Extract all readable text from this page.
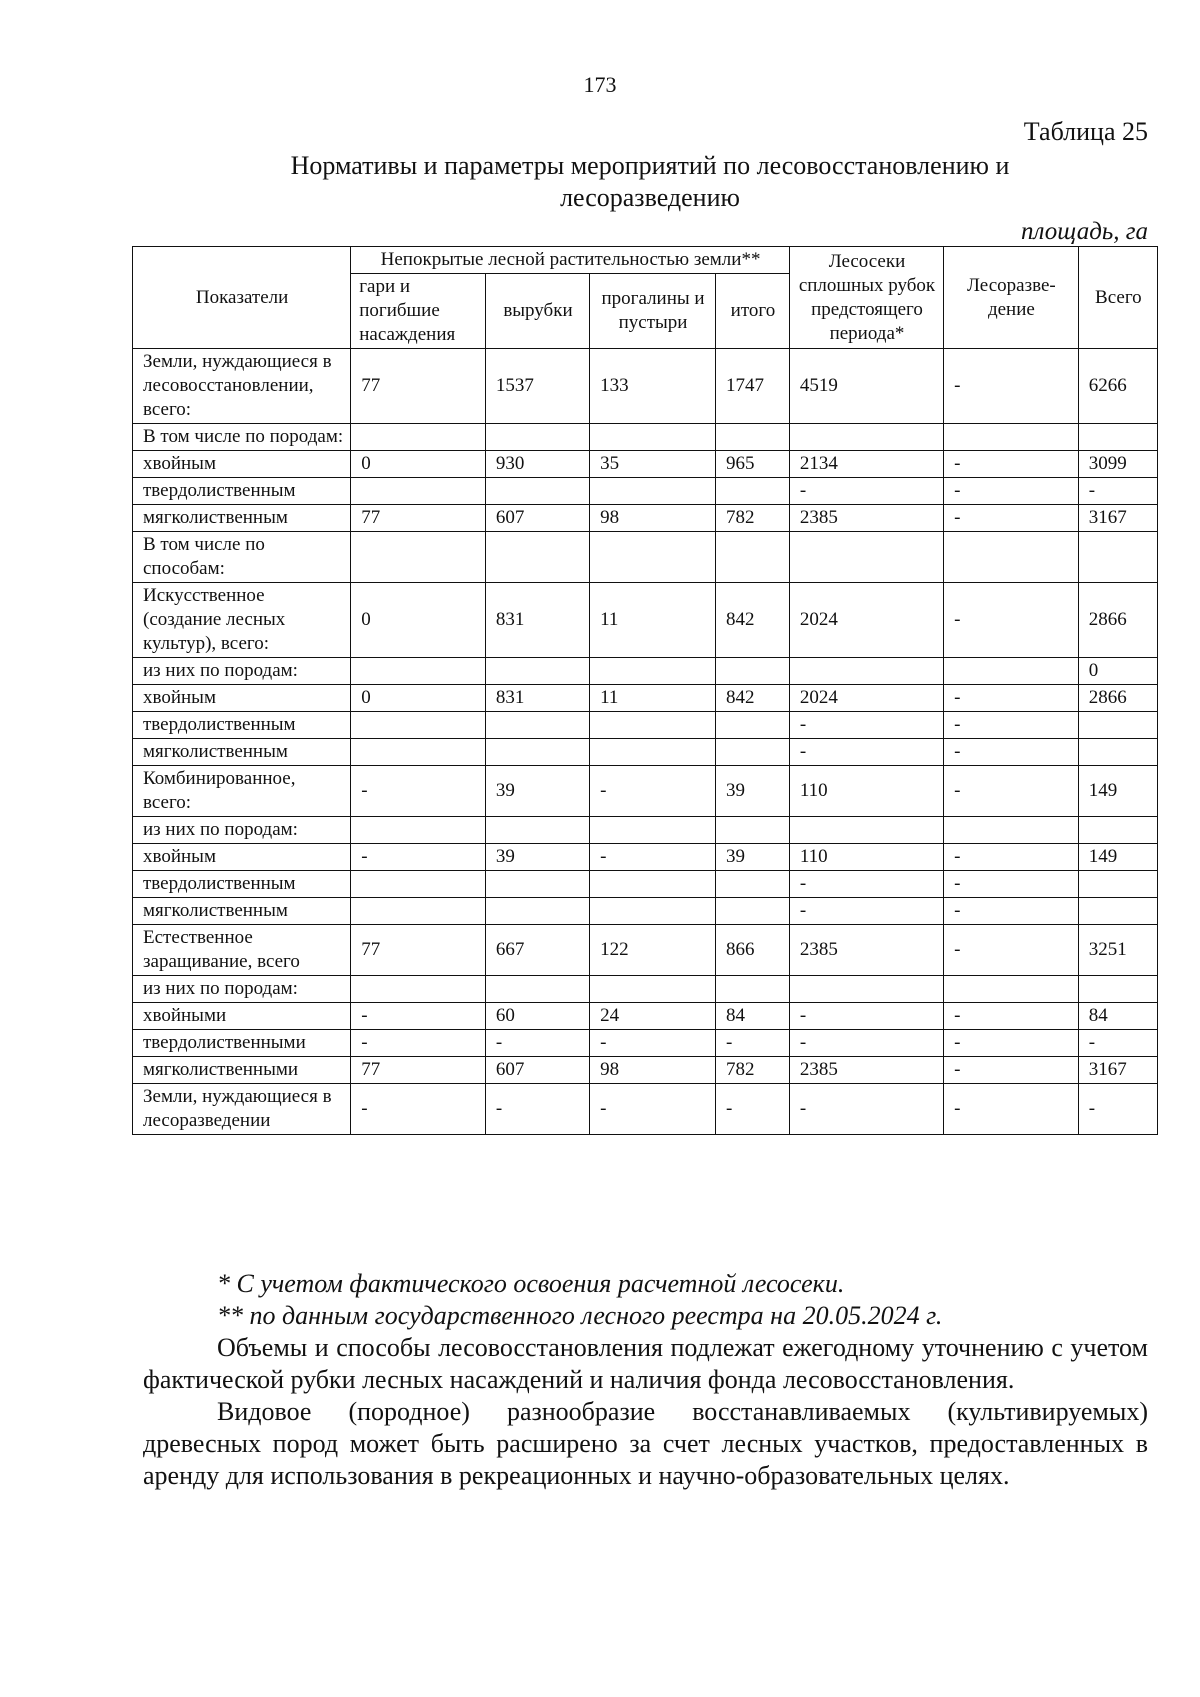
173
Таблица 25
Нормативы и параметры мероприятий по лесовосстановлению и лесоразведению
площадь, га
Показатели	Непокрытые лесной растительностью земли**				Лесосеки сплошных рубок предстоящего периода*	Лесоразве-дение	Всего
	гари и погибшие насаждения	вырубки	прогалины и пустыри	итого			
Земли, нуждающиеся в лесовосстановлении, всего:	77	1537	133	1747	4519	-	6266
В том числе по породам:							
хвойным	0	930	35	965	2134	-	3099
твердолиственным					-	-	-
мягколиственным	77	607	98	782	2385	-	3167
В том числе по способам:							
Искусственное (создание лесных культур), всего:	0	831	11	842	2024	-	2866
из них по породам:							0
хвойным	0	831	11	842	2024	-	2866
твердолиственным					-	-	
мягколиственным					-	-	
Комбинированное, всего:	-	39	-	39	110	-	149
из них по породам:							
хвойным	-	39	-	39	110	-	149
твердолиственным					-	-	
мягколиственным					-	-	
Естественное заращивание, всего	77	667	122	866	2385	-	3251
из них по породам:							
хвойными	-	60	24	84	-	-	84
твердолиственными	-	-	-	-	-	-	-
мягколиственными	77	607	98	782	2385	-	3167
Земли, нуждающиеся в лесоразведении	-	-	-	-	-	-	-

* С учетом фактического освоения расчетной лесосеки.

** по данным государственного лесного реестра на 20.05.2024 г.

Объемы и способы лесовосстановления подлежат ежегодному уточнению с учетом фактической рубки лесных насаждений и наличия фонда лесовосстановления.

Видовое (породное) разнообразие восстанавливаемых (культивируемых) древесных пород может быть расширено за счет лесных участков, предоставленных в аренду для использования в рекреационных и научно-образовательных целях.
